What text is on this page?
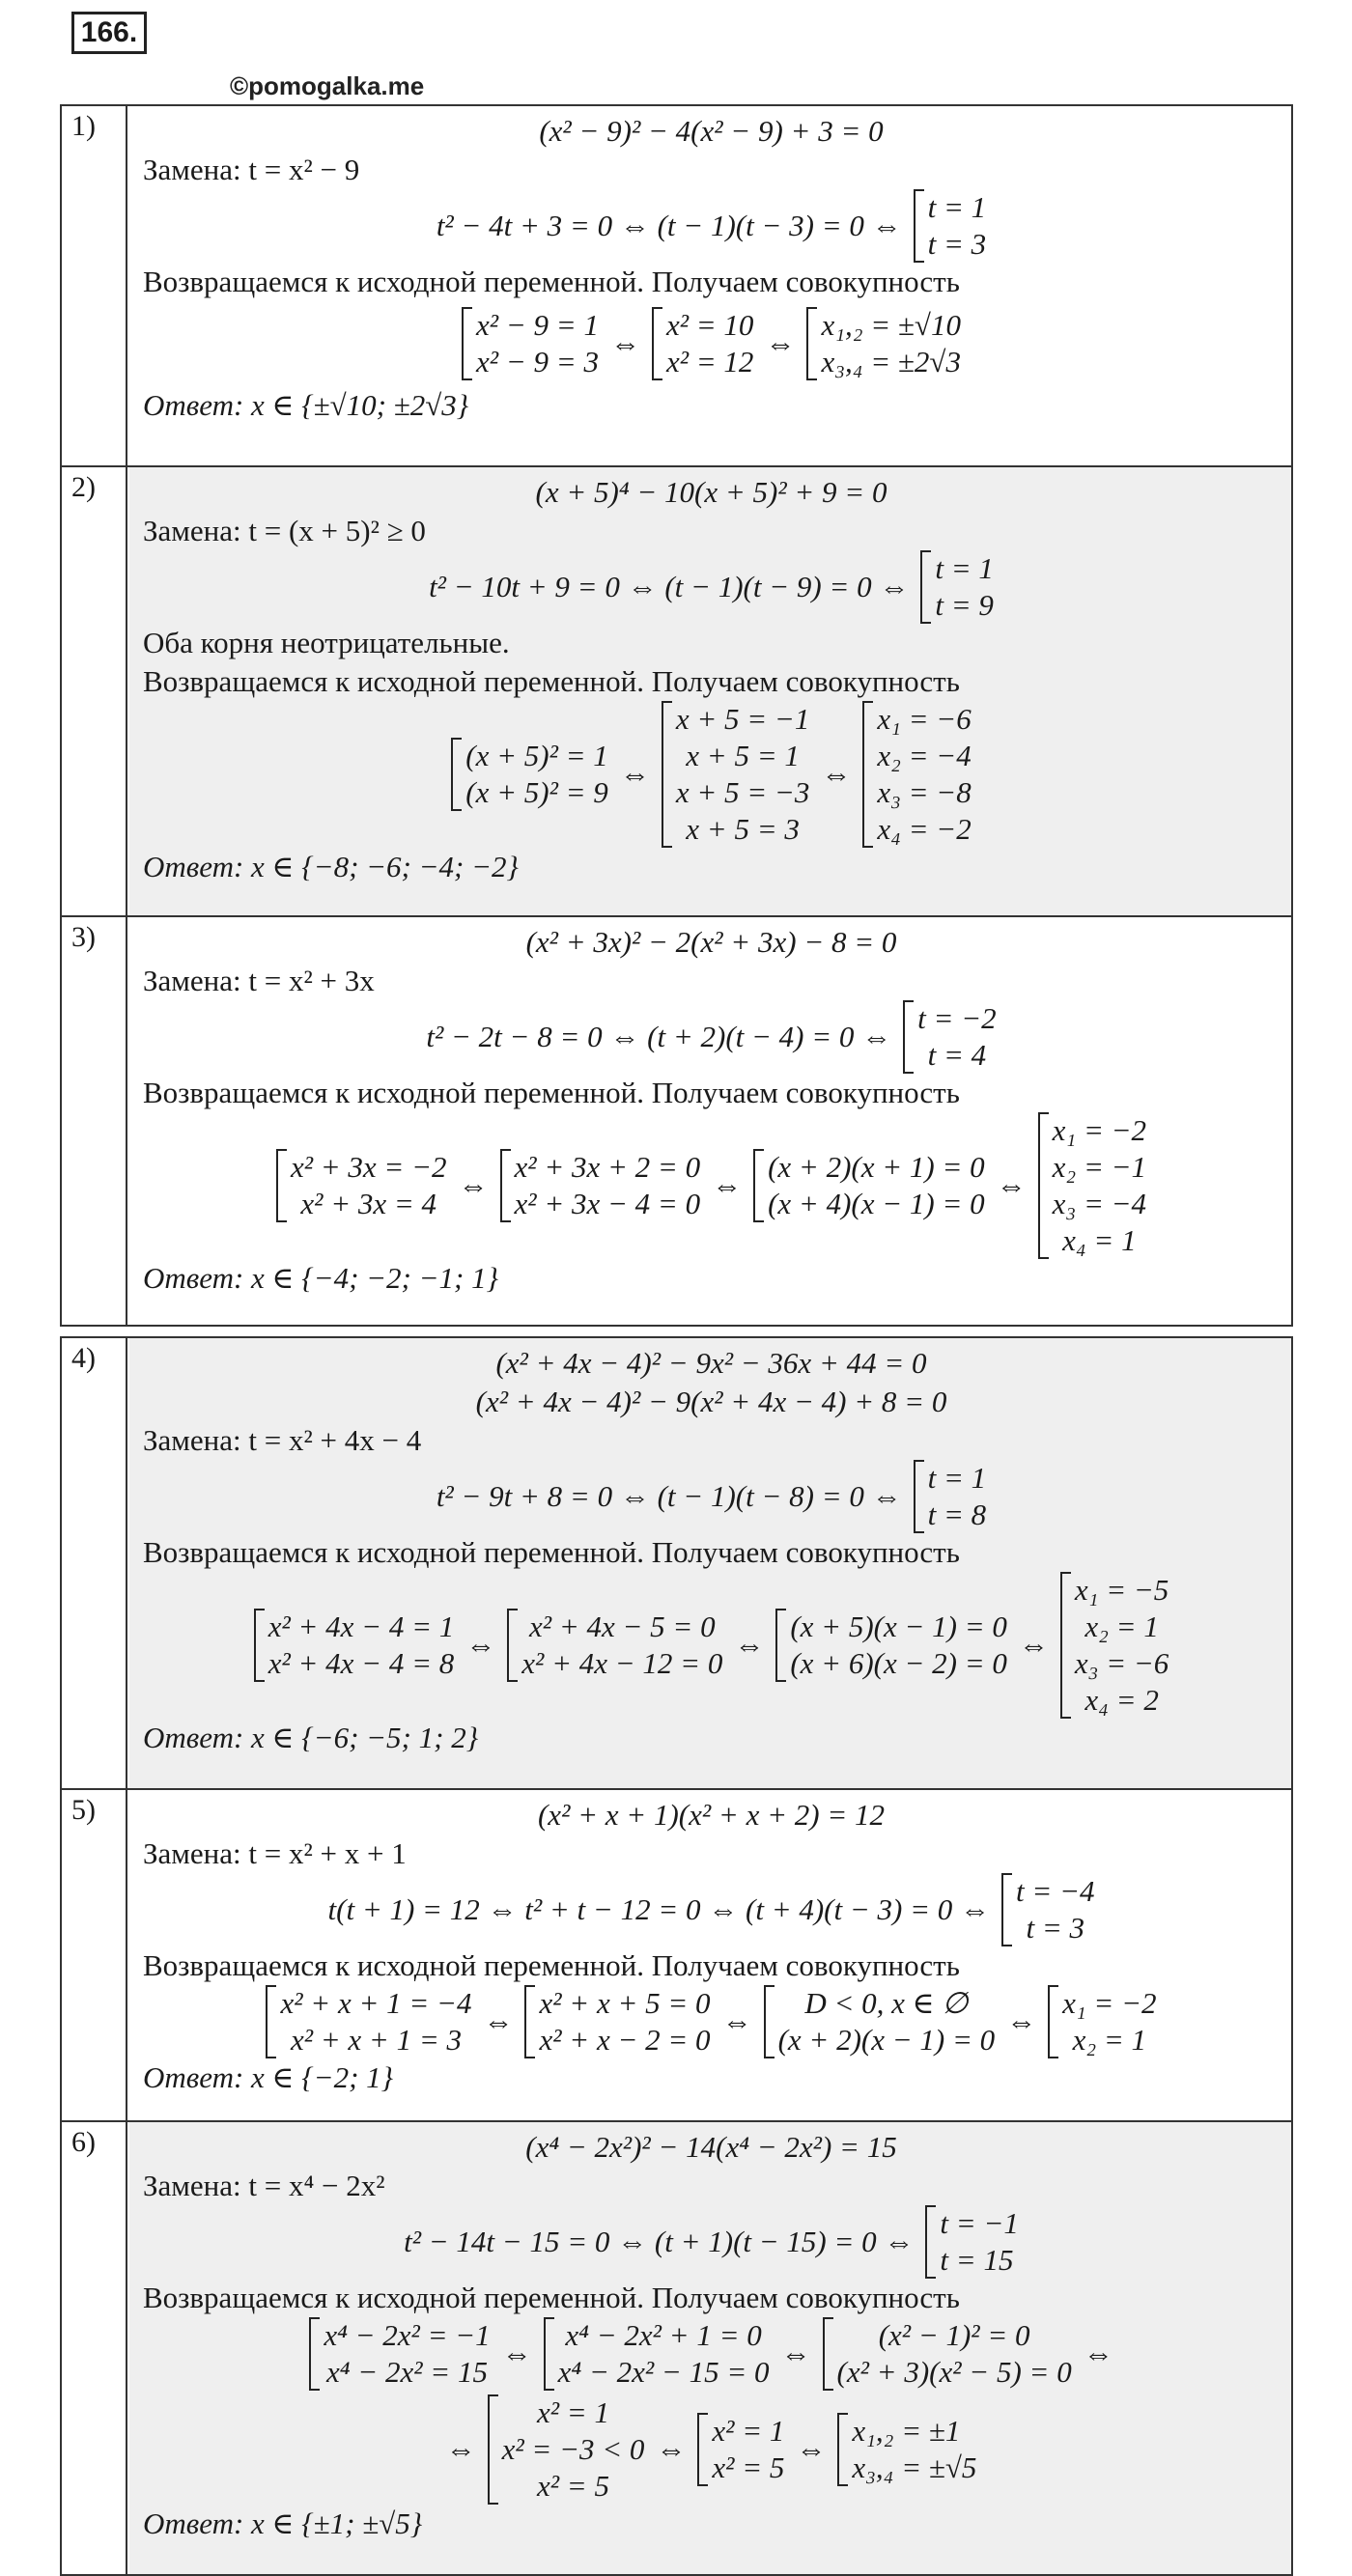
166.
©pomogalka.me
1)	(x² − 9)² − 4(x² − 9) + 3 = 0
Замена: t = x² − 9
t² − 4t + 3 = 0 ⇔ (t − 1)(t − 3) = 0 ⇔
t = 1
t = 3
Возвращаемся к исходной переменной. Получаем совокупность
x² − 9 = 1
x² − 9 = 3
⇔
x² = 10
x² = 12
⇔
x₁,₂ = ±√10
x₃,₄ = ±2√3
Ответ: x ∈ {±√10; ±2√3}
2)	(x + 5)⁴ − 10(x + 5)² + 9 = 0
Замена: t = (x + 5)² ≥ 0
t² − 10t + 9 = 0 ⇔ (t − 1)(t − 9) = 0 ⇔
t = 1
t = 9
Оба корня неотрицательные.
Возвращаемся к исходной переменной. Получаем совокупность
(x + 5)² = 1
(x + 5)² = 9
⇔
x + 5 = −1
x + 5 = 1
x + 5 = −3
x + 5 = 3
⇔
x₁ = −6
x₂ = −4
x₃ = −8
x₄ = −2
Ответ: x ∈ {−8; −6; −4; −2}
3)	(x² + 3x)² − 2(x² + 3x) − 8 = 0
Замена: t = x² + 3x
t² − 2t − 8 = 0 ⇔ (t + 2)(t − 4) = 0 ⇔
t = −2
t = 4
Возвращаемся к исходной переменной. Получаем совокупность
x² + 3x = −2
x² + 3x = 4
⇔
x² + 3x + 2 = 0
x² + 3x − 4 = 0
⇔
(x + 2)(x + 1) = 0
(x + 4)(x − 1) = 0
⇔
x₁ = −2
x₂ = −1
x₃ = −4
x₄ = 1
Ответ: x ∈ {−4; −2; −1; 1}
4)	(x² + 4x − 4)² − 9x² − 36x + 44 = 0
(x² + 4x − 4)² − 9(x² + 4x − 4) + 8 = 0
Замена: t = x² + 4x − 4
t² − 9t + 8 = 0 ⇔ (t − 1)(t − 8) = 0 ⇔
t = 1
t = 8
Возвращаемся к исходной переменной. Получаем совокупность
x² + 4x − 4 = 1
x² + 4x − 4 = 8
⇔
x² + 4x − 5 = 0
x² + 4x − 12 = 0
⇔
(x + 5)(x − 1) = 0
(x + 6)(x − 2) = 0
⇔
x₁ = −5
x₂ = 1
x₃ = −6
x₄ = 2
Ответ: x ∈ {−6; −5; 1; 2}
5)	(x² + x + 1)(x² + x + 2) = 12
Замена: t = x² + x + 1
t(t + 1) = 12 ⇔ t² + t − 12 = 0 ⇔ (t + 4)(t − 3) = 0 ⇔
t = −4
t = 3
Возвращаемся к исходной переменной. Получаем совокупность
x² + x + 1 = −4
x² + x + 1 = 3
⇔
x² + x + 5 = 0
x² + x − 2 = 0
⇔
D < 0, x ∈ ∅
(x + 2)(x − 1) = 0
⇔
x₁ = −2
x₂ = 1
Ответ: x ∈ {−2; 1}
6)	(x⁴ − 2x²)² − 14(x⁴ − 2x²) = 15
Замена: t = x⁴ − 2x²
t² − 14t − 15 = 0 ⇔ (t + 1)(t − 15) = 0 ⇔
t = −1
t = 15
Возвращаемся к исходной переменной. Получаем совокупность
x⁴ − 2x² = −1
x⁴ − 2x² = 15
⇔
x⁴ − 2x² + 1 = 0
x⁴ − 2x² − 15 = 0
⇔
(x² − 1)² = 0
(x² + 3)(x² − 5) = 0
⇔
⇔
x² = 1
x² = −3 < 0
x² = 5
⇔
x² = 1
x² = 5
⇔
x₁,₂ = ±1
x₃,₄ = ±√5
Ответ: x ∈ {±1; ±√5}
